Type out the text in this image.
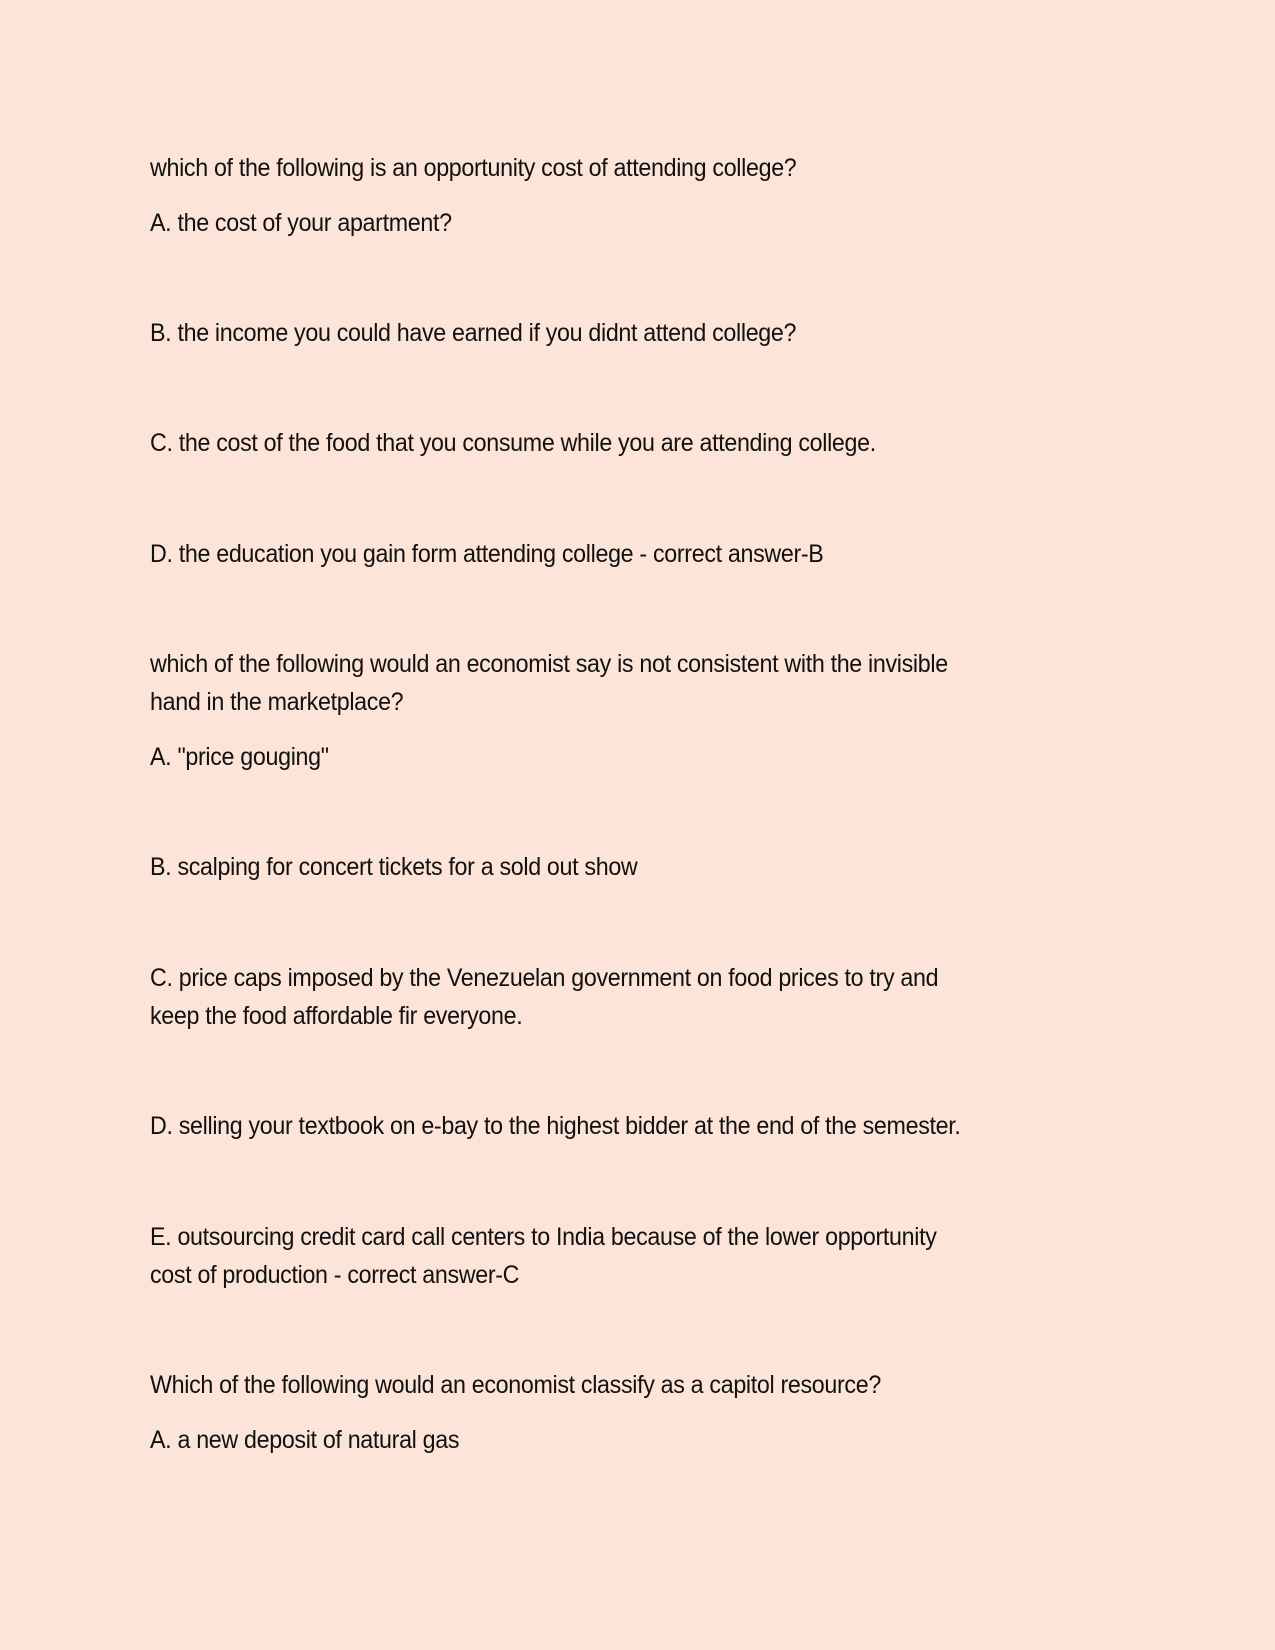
which of the following is an opportunity cost of attending college?
A. the cost of your apartment?
B. the income you could have earned if you didnt attend college?
C. the cost of the food that you consume while you are attending college.
D. the education you gain form attending college - correct answer-B
which of the following would an economist say is not consistent with the invisible
hand in the marketplace?
A. "price gouging"
B. scalping for concert tickets for a sold out show
C. price caps imposed by the Venezuelan government on food prices to try and
keep the food affordable fir everyone.
D. selling your textbook on e-bay to the highest bidder at the end of the semester.
E. outsourcing credit card call centers to India because of the lower opportunity
cost of production - correct answer-C
Which of the following would an economist classify as a capitol resource?
A. a new deposit of natural gas
